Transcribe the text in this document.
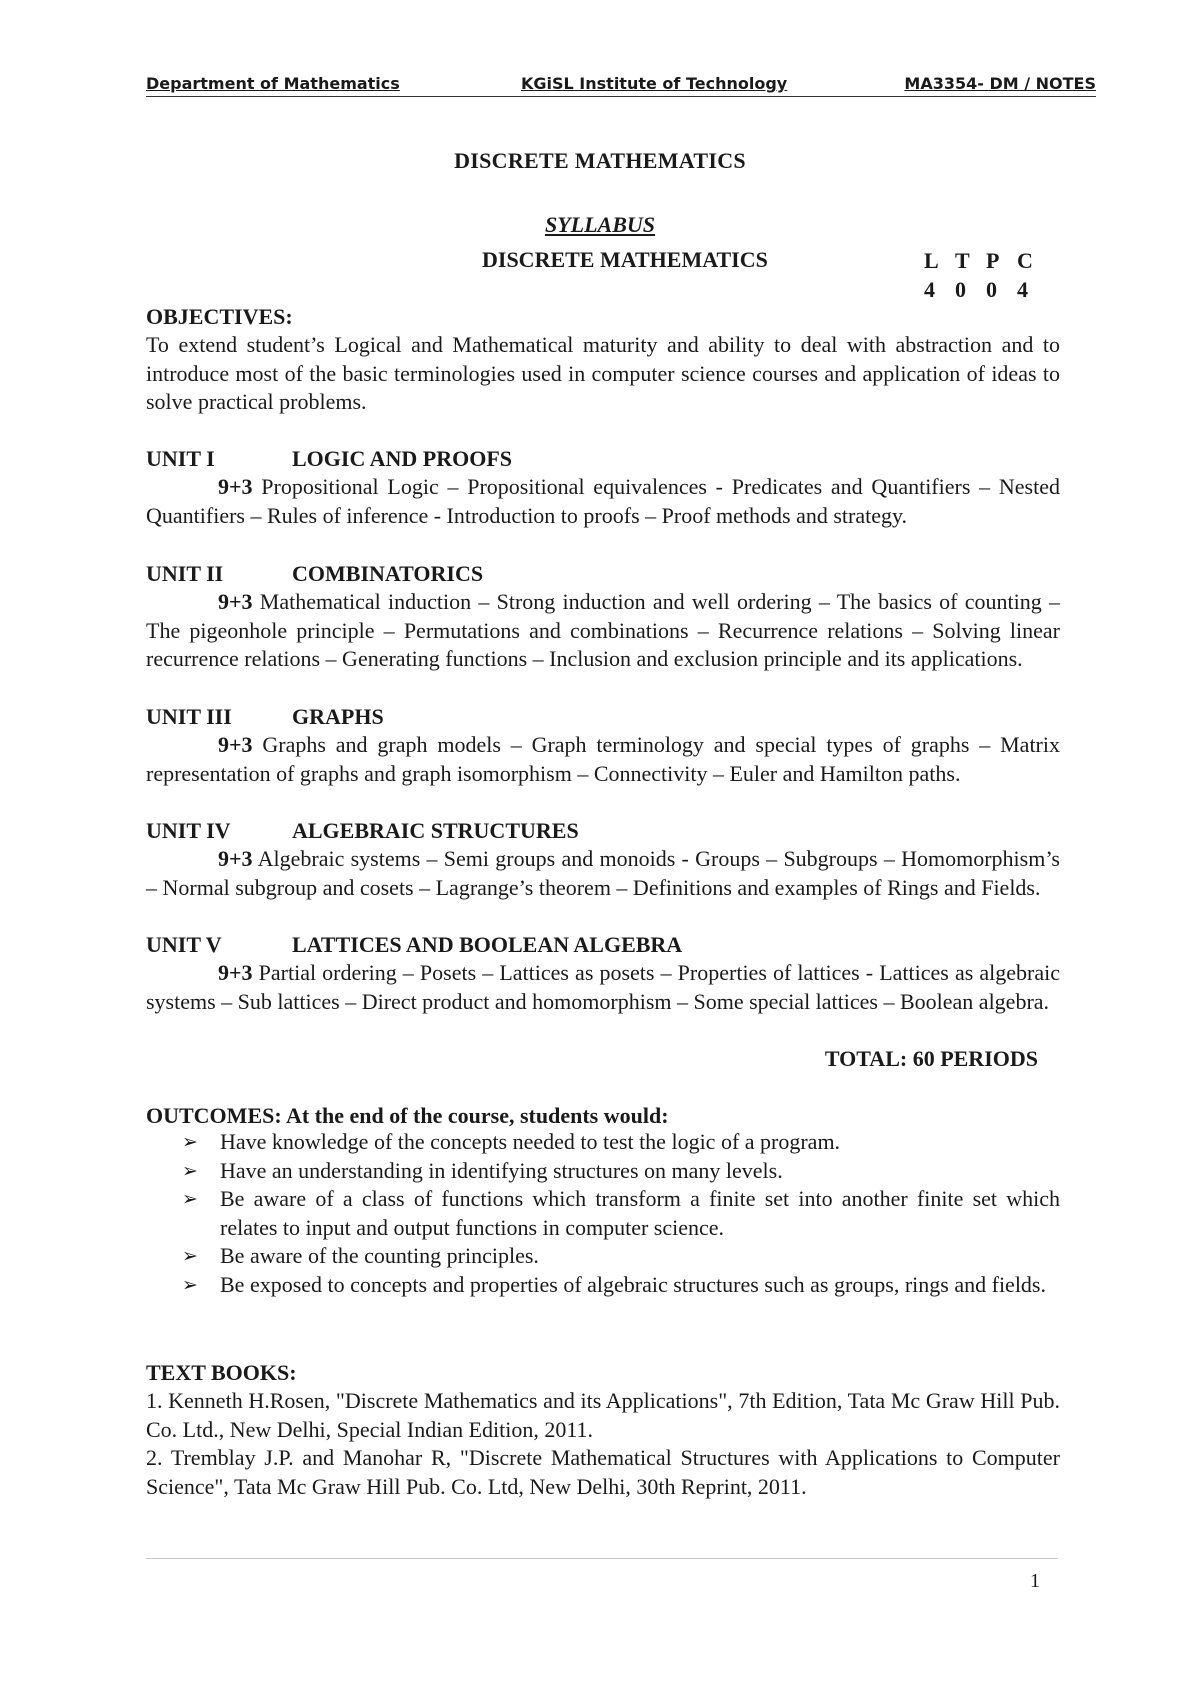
Department of Mathematics	KGiSL Institute of Technology	MA3354- DM / NOTES
DISCRETE MATHEMATICS
SYLLABUS
DISCRETE MATHEMATICS	L	T	P	C
4	0	0	4
OBJECTIVES:
To extend student’s Logical and Mathematical maturity and ability to deal with abstraction and to introduce most of the basic terminologies used in computer science courses and application of ideas to solve practical problems.
UNIT I	LOGIC AND PROOFS
9+3 Propositional Logic – Propositional equivalences - Predicates and Quantifiers – Nested Quantifiers – Rules of inference - Introduction to proofs – Proof methods and strategy.
UNIT II	COMBINATORICS
9+3 Mathematical induction – Strong induction and well ordering – The basics of counting – The pigeonhole principle – Permutations and combinations – Recurrence relations – Solving linear recurrence relations – Generating functions – Inclusion and exclusion principle and its applications.
UNIT III	GRAPHS
9+3 Graphs and graph models – Graph terminology and special types of graphs – Matrix representation of graphs and graph isomorphism – Connectivity – Euler and Hamilton paths.
UNIT IV	ALGEBRAIC STRUCTURES
9+3 Algebraic systems – Semi groups and monoids - Groups – Subgroups – Homomorphism’s – Normal subgroup and cosets – Lagrange’s theorem – Definitions and examples of Rings and Fields.
UNIT V	LATTICES AND BOOLEAN ALGEBRA
9+3 Partial ordering – Posets – Lattices as posets – Properties of lattices - Lattices as algebraic systems – Sub lattices – Direct product and homomorphism – Some special lattices – Boolean algebra.
TOTAL: 60 PERIODS
OUTCOMES: At the end of the course, students would:
➢ Have knowledge of the concepts needed to test the logic of a program.
➢ Have an understanding in identifying structures on many levels.
➢ Be aware of a class of functions which transform a finite set into another finite set which relates to input and output functions in computer science.
➢ Be aware of the counting principles.
➢ Be exposed to concepts and properties of algebraic structures such as groups, rings and fields.
TEXT BOOKS:
1. Kenneth H.Rosen, "Discrete Mathematics and its Applications", 7th Edition, Tata Mc Graw Hill Pub. Co. Ltd., New Delhi, Special Indian Edition, 2011.
2. Tremblay J.P. and Manohar R, "Discrete Mathematical Structures with Applications to Computer Science", Tata Mc Graw Hill Pub. Co. Ltd, New Delhi, 30th Reprint, 2011.
1
